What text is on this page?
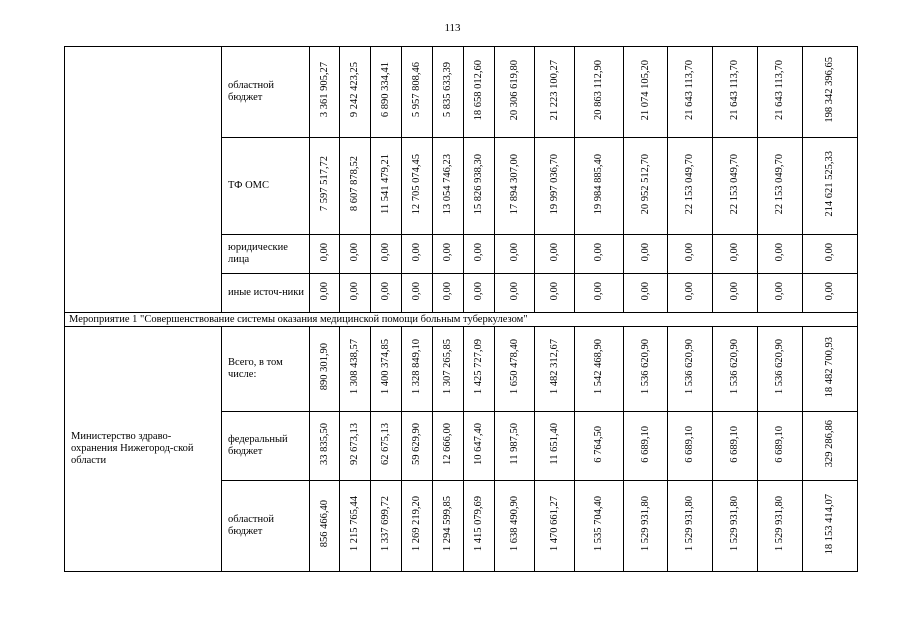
113
	областной бюджет	3 361 905,27	9 242 423,25	6 890 334,41	5 957 808,46	5 835 633,39	18 658 012,60	20 306 619,80	21 223 100,27	20 863 112,90	21 074 105,20	21 643 113,70	21 643 113,70	21 643 113,70	198 342 396,65
	ТФ ОМС	7 597 517,72	8 607 878,52	11 541 479,21	12 705 074,45	13 054 746,23	15 826 938,30	17 894 307,00	19 997 036,70	19 984 885,40	20 952 512,70	22 153 049,70	22 153 049,70	22 153 049,70	214 621 525,33
	юридические лица	0,00	0,00	0,00	0,00	0,00	0,00	0,00	0,00	0,00	0,00	0,00	0,00	0,00	0,00
	иные источ-ники	0,00	0,00	0,00	0,00	0,00	0,00	0,00	0,00	0,00	0,00	0,00	0,00	0,00	0,00
Мероприятие 1 "Совершенствование системы оказания медицинской помощи больным туберкулезом"															
Министерство здраво-охранения Нижегород-ской области	Всего, в том числе:	890 301,90	1 308 438,57	1 400 374,85	1 328 849,10	1 307 265,85	1 425 727,09	1 650 478,40	1 482 312,67	1 542 468,90	1 536 620,90	1 536 620,90	1 536 620,90	1 536 620,90	18 482 700,93
	федеральный бюджет	33 835,50	92 673,13	62 675,13	59 629,90	12 666,00	10 647,40	11 987,50	11 651,40	6 764,50	6 689,10	6 689,10	6 689,10	6 689,10	329 286,86
	областной бюджет	856 466,40	1 215 765,44	1 337 699,72	1 269 219,20	1 294 599,85	1 415 079,69	1 638 490,90	1 470 661,27	1 535 704,40	1 529 931,80	1 529 931,80	1 529 931,80	1 529 931,80	18 153 414,07
